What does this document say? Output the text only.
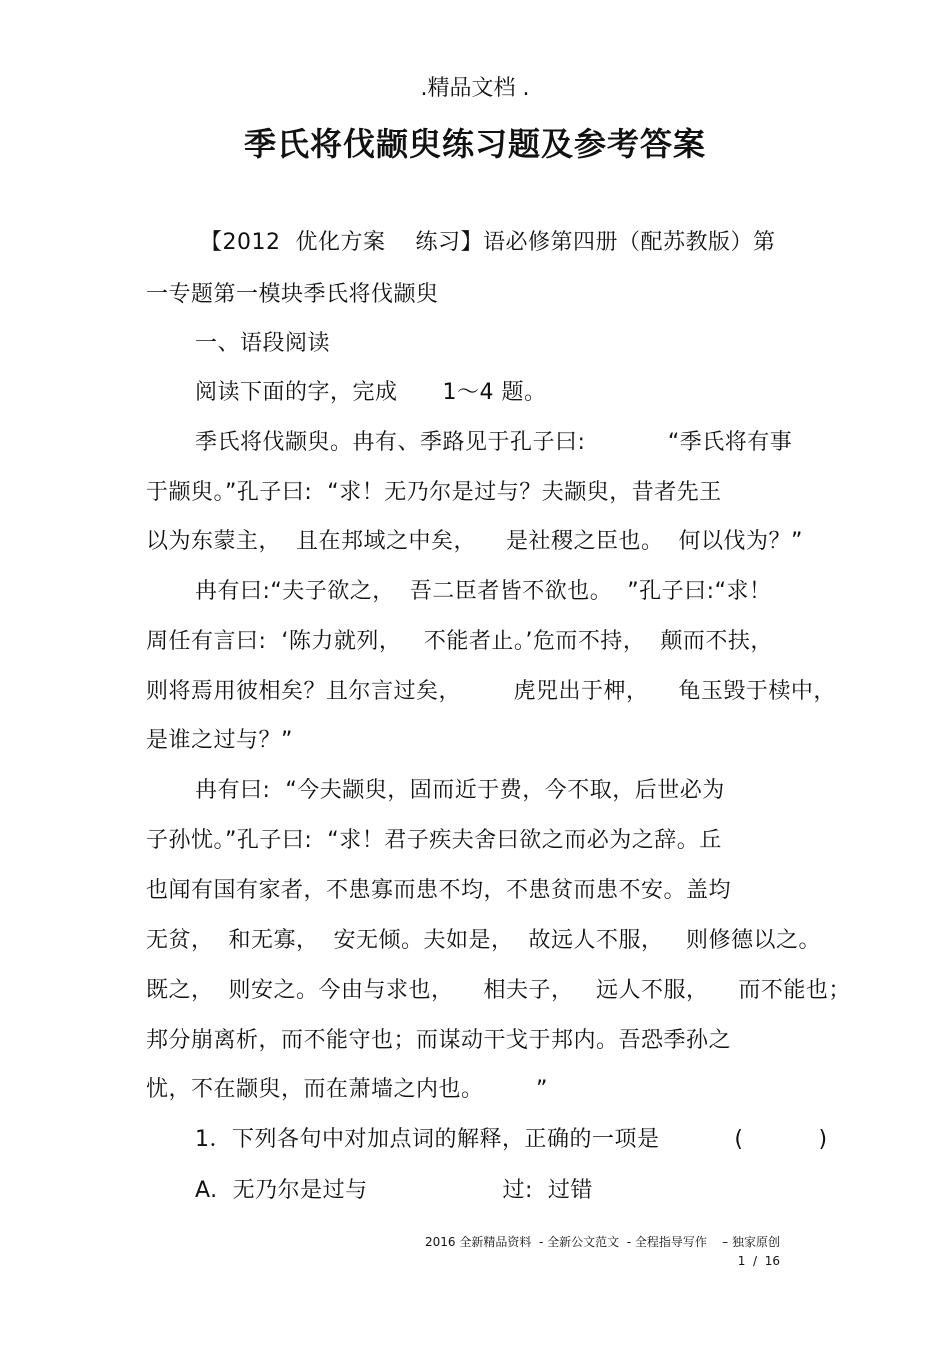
.精品文档 .
季氏将伐颛臾练习题及参考答案

【2012  优化方案    练习】语必修第四册（配苏教版）第

一专题第一模块季氏将伐颛臾

一、语段阅读

阅读下面的字，完成      1～4 题。

季氏将伐颛臾。冉有、季路见于孔子曰:           “季氏将有事

于颛臾。”孔子曰:  “求！无乃尔是过与？夫颛臾，昔者先王

以为东蒙主，  且在邦域之中矣，    是社稷之臣也。  何以伐为？”

冉有曰:“夫子欲之，  吾二臣者皆不欲也。  ”孔子曰:“求！

周任有言曰:  ‘陈力就列，   不能者止。’危而不持，  颠而不扶，

则将焉用彼相矣？且尔言过矣，       虎兕出于柙，    龟玉毁于椟中，

是谁之过与？”

冉有曰:  “今夫颛臾，固而近于费，今不取，后世必为

子孙忧。”孔子曰:  “求！君子疾夫舍曰欲之而必为之辞。丘

也闻有国有家者，不患寡而患不均，不患贫而患不安。盖均

无贫，  和无寡，  安无倾。夫如是，  故远人不服，   则修德以之。

既之，  则安之。今由与求也，    相夫子，   远人不服，    而不能也；

邦分崩离析，而不能守也；而谋动干戈于邦内。吾恐季孙之

忧，不在颛臾，而在萧墙之内也。       ”

1．下列各句中对加点词的解释，正确的一项是          (          )

A.  无乃尔是过与                  过:  过错

2016 全新精品资料  - 全新公文范文  - 全程指导写作    – 独家原创
1  /  16
